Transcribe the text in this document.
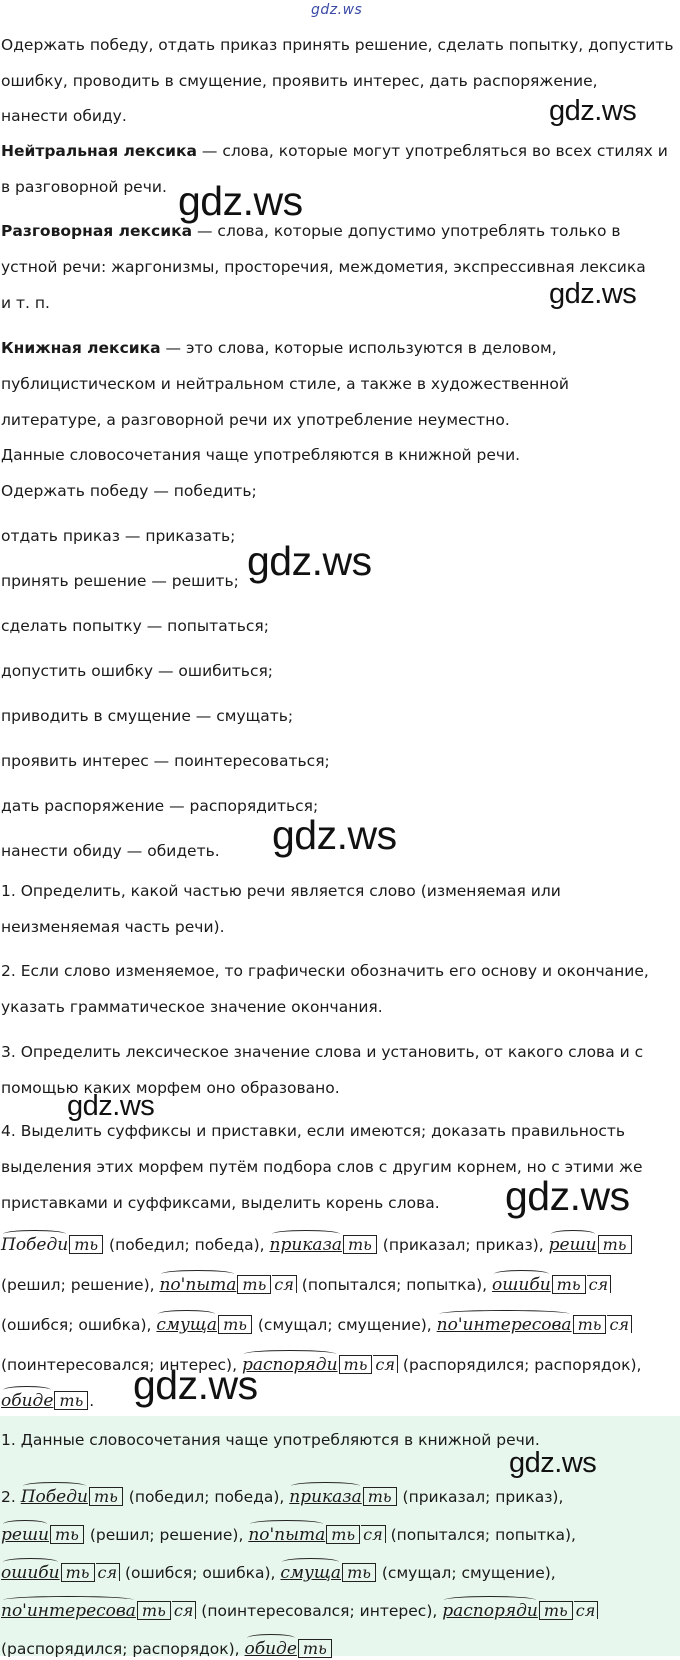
gdz.ws
Одержать победу, отдать приказ принять решение, сделать попытку, допустить
ошибку, проводить в смущение, проявить интерес, дать распоряжение,
нанести обиду.	gdz.ws
Нейтральная лексика — слова, которые могут употребляться во всех стилях и
в разговорной речи. gdz.ws
Разговорная лексика — слова, которые допустимо употреблять только в
устной речи: жаргонизмы, просторечия, междометия, экспрессивная лексика
и т. п.	gdz.ws
Книжная лексика — это слова, которые используются в деловом,
публицистическом и нейтральном стиле, а также в художественной
литературе, а разговорной речи их употребление неуместно.
Данные словосочетания чаще употребляются в книжной речи.
Одержать победу — победить;
отдать приказ — приказать;
принять решение — решить; gdz.ws
сделать попытку — попытаться;
допустить ошибку — ошибиться;
приводить в смущение — смущать;
проявить интерес — поинтересоваться;
дать распоряжение — распорядиться;
нанести обиду — обидеть. gdz.ws
1. Определить, какой частью речи является слово (изменяемая или
неизменяемая часть речи).
2. Если слово изменяемое, то графически обозначить его основу и окончание,
указать грамматическое значение окончания.
3. Определить лексическое значение слова и установить, от какого слова и с
помощью каких морфем оно образовано.
gdz.ws
4. Выделить суффиксы и приставки, если имеются; доказать правильность
выделения этих морфем путём подбора слов с другим корнем, но с этими же
приставками и суффиксами, выделить корень слова. gdz.ws
Победи ть (победил; победа), приказа ть (приказал; приказ), реши ть
(решил; решение), по'пыта ть ся (попытался; попытка), ошиби ть ся
(ошибся; ошибка), смуща ть (смущал; смущение), по'интересова ть ся
(поинтересовался; интерес), распоряди ть ся (распорядился; распорядок),
обиде ть . gdz.ws
1. Данные словосочетания чаще употребляются в книжной речи.
gdz.ws
2. Победи ть (победил; победа), приказа ть (приказал; приказ),
реши ть (решил; решение), по'пыта ть ся (попытался; попытка),
ошиби ть ся (ошибся; ошибка), смуща ть (смущал; смущение),
по'интересова ть ся (поинтересовался; интерес), распоряди ть ся
(распорядился; распорядок), обиде ть
